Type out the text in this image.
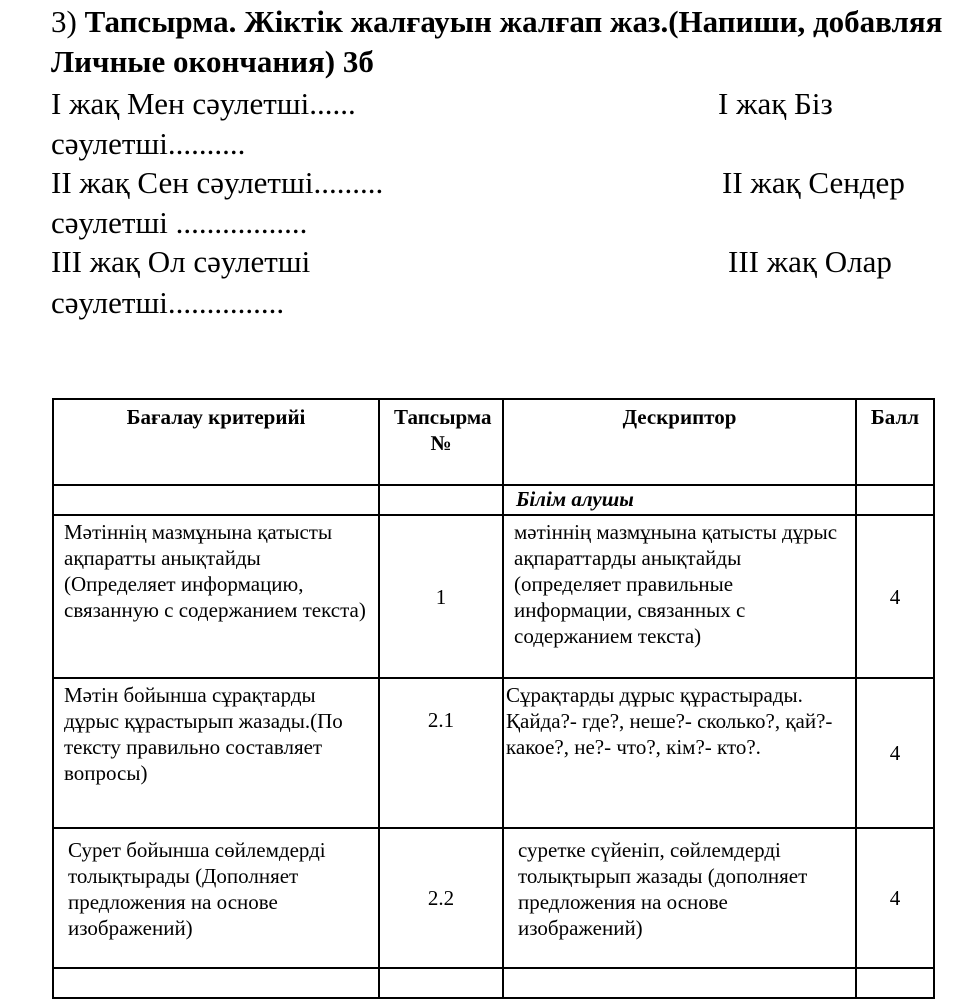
3) Тапсырма. Жіктік жалғауын жалғап жаз.(Напиши, добавляя Личные окончания) 3б
І жақ Мен сәулетші......	І жақ Біз
сәулетші..........
ІІ жақ Сен сәулетші.........	ІІ жақ Сендер
сәулетші .................
ІІІ жақ Ол сәулетші	ІІІ жақ Олар
сәулетші...............
Бағалау критерийі	Тапсырма №	Дескриптор	Балл
		Білім алушы	
Мәтіннің мазмұнына қатысты ақпаратты анықтайды (Определяет информацию, связанную с содержанием текста)	1	мәтіннің мазмұнына қатысты дұрыс ақпараттарды анықтайды (определяет правильные информации, связанных с содержанием текста)	4
Мәтін бойынша сұрақтарды дұрыс құрастырып жазады.(По тексту правильно составляет вопросы)	2.1	Сұрақтарды дұрыс құрастырады. Қайда?- где?, неше?- сколько?, қай?- какое?, не?- что?, кім?- кто?.	4
Сурет бойынша сөйлемдерді толықтырады (Дополняет предложения на основе изображений)	2.2	суретке сүйеніп, сөйлемдерді толықтырып жазады (дополняет предложения на основе изображений)	4
